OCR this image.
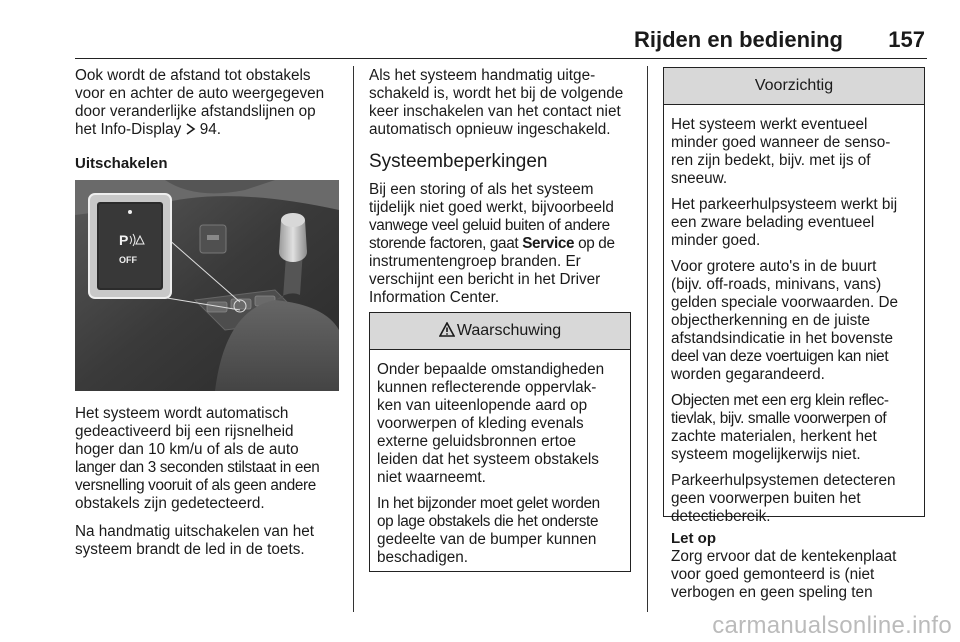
Rijden en bediening 157

Ook wordt de afstand tot obstakels
voor en achter de auto weergegeven
door veranderlijke afstandslijnen op
het Info-Display  94.

Uitschakelen

P
OFF

Het systeem wordt automatisch
gedeactiveerd bij een rijsnelheid
hoger dan 10 km/u of als de auto
langer dan 3 seconden stilstaat in een
versnelling vooruit of als geen andere
obstakels zijn gedetecteerd.

Na handmatig uitschakelen van het
systeem brandt de led in de toets.

Als het systeem handmatig uitge-
schakeld is, wordt het bij de volgende
keer inschakelen van het contact niet
automatisch opnieuw ingeschakeld.

Systeembeperkingen

Bij een storing of als het systeem
tijdelijk niet goed werkt, bijvoorbeeld
vanwege veel geluid buiten of andere
storende factoren, gaat Service op de
instrumentengroep branden. Er
verschijnt een bericht in het Driver
Information Center.

Waarschuwing

Onder bepaalde omstandigheden
kunnen reflecterende oppervlak-
ken van uiteenlopende aard op
voorwerpen of kleding evenals
externe geluidsbronnen ertoe
leiden dat het systeem obstakels
niet waarneemt.

In het bijzonder moet gelet worden
op lage obstakels die het onderste
gedeelte van de bumper kunnen
beschadigen.

Voorzichtig

Het systeem werkt eventueel
minder goed wanneer de senso-
ren zijn bedekt, bijv. met ijs of
sneeuw.

Het parkeerhulpsysteem werkt bij
een zware belading eventueel
minder goed.

Voor grotere auto's in de buurt
(bijv. off-roads, minivans, vans)
gelden speciale voorwaarden. De
objectherkenning en de juiste
afstandsindicatie in het bovenste
deel van deze voertuigen kan niet
worden gegarandeerd.

Objecten met een erg klein reflec-
tievlak, bijv. smalle voorwerpen of
zachte materialen, herkent het
systeem mogelijkerwijs niet.

Parkeerhulpsystemen detecteren
geen voorwerpen buiten het
detectiebereik.

Let op

Zorg ervoor dat de kentekenplaat
voor goed gemonteerd is (niet
verbogen en geen speling ten

carmanualsonline.info
